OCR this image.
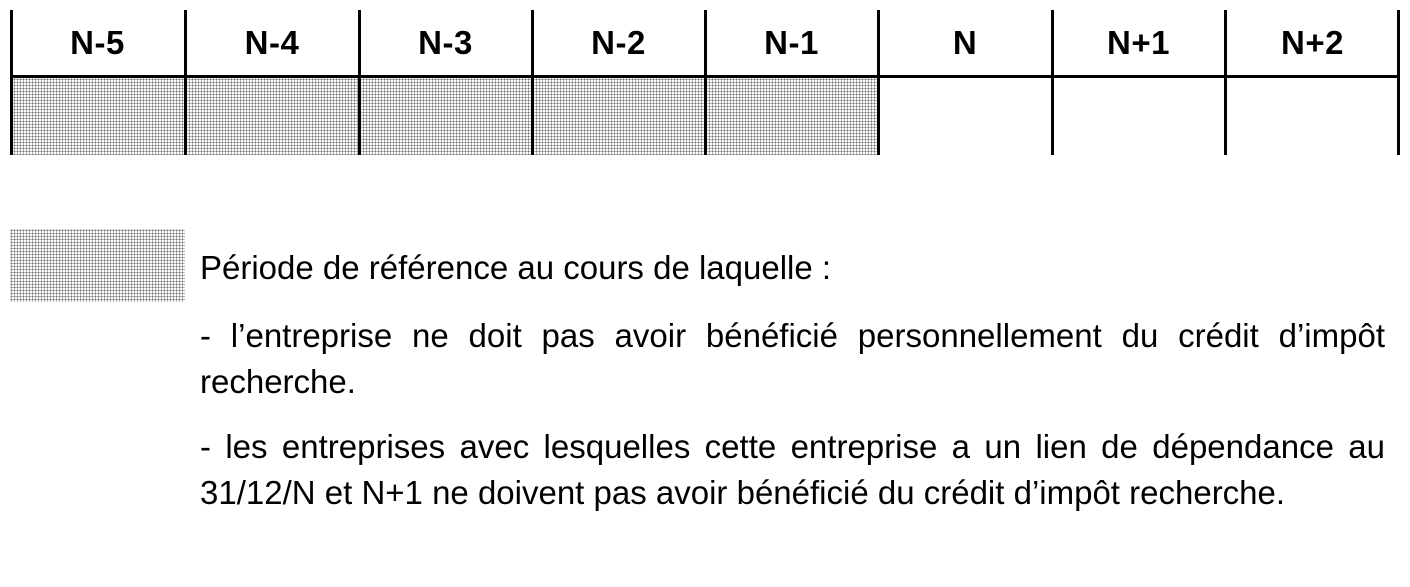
N-5	N-4	N-3	N-2	N-1	N	N+1	N+2

Période de référence au cours de laquelle :

- l’entreprise ne doit pas avoir bénéficié personnellement du crédit d’impôt recherche.

- les entreprises avec lesquelles cette entreprise a un lien de dépendance au 31/12/N et N+1 ne doivent pas avoir bénéficié du crédit d’impôt recherche.
